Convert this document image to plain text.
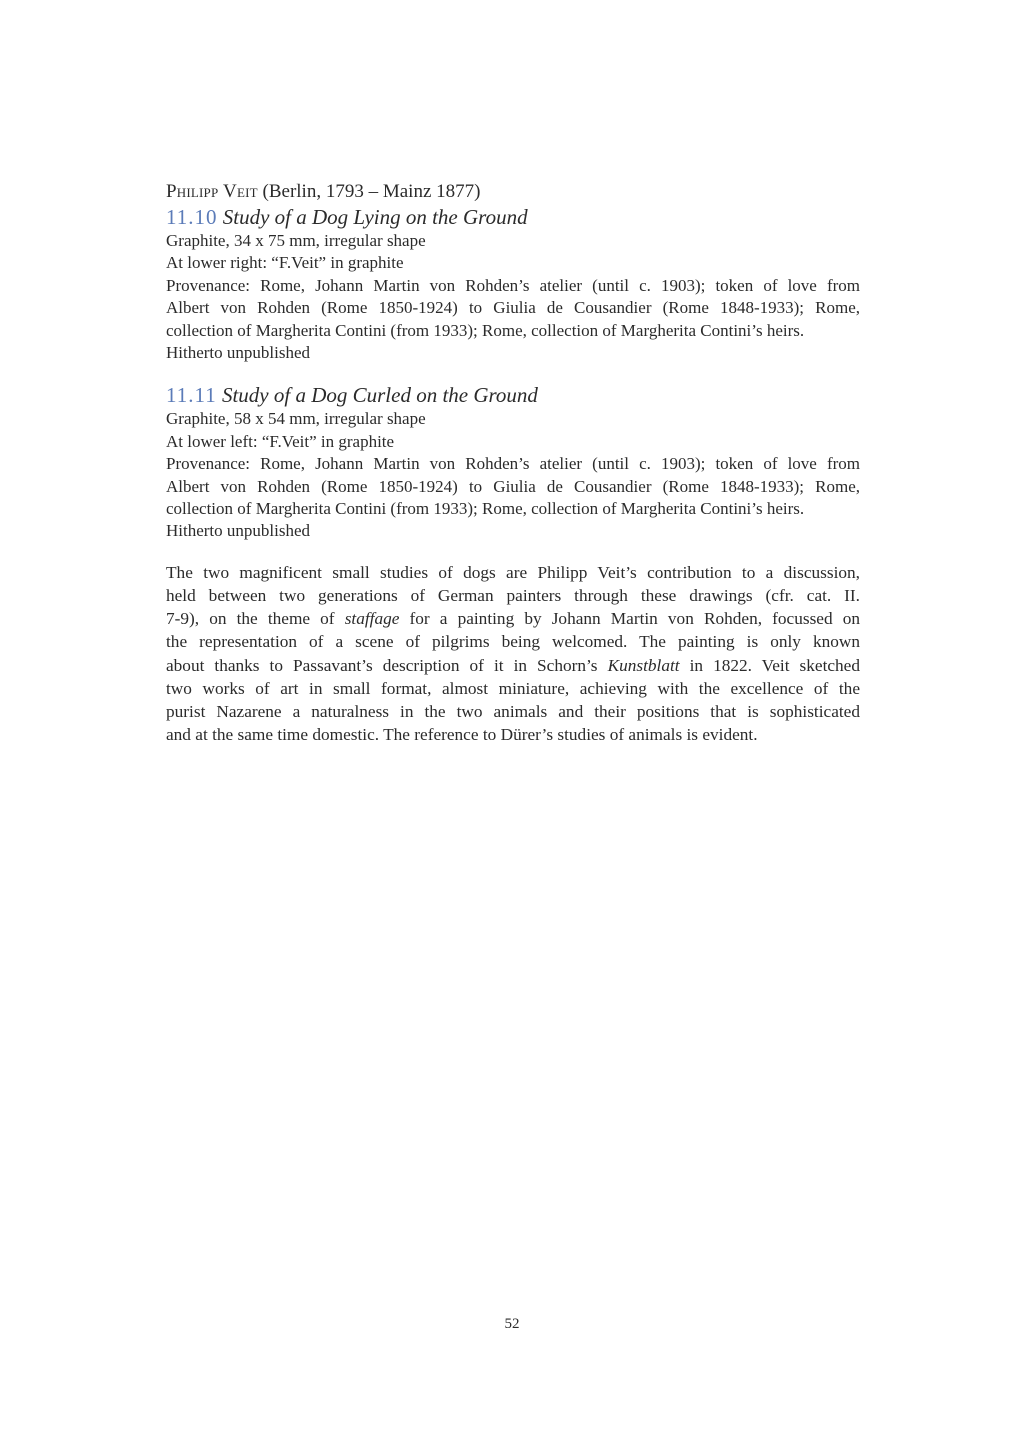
Philipp Veit (Berlin, 1793 – Mainz 1877)
11.10 Study of a Dog Lying on the Ground
Graphite, 34 x 75 mm, irregular shape
At lower right: “F.Veit” in graphite
Provenance: Rome, Johann Martin von Rohden’s atelier (until c. 1903); token of love from
Albert von Rohden (Rome 1850-1924) to Giulia de Cousandier (Rome 1848-1933); Rome,
collection of Margherita Contini (from 1933); Rome, collection of Margherita Contini’s heirs.
Hitherto unpublished
11.11 Study of a Dog Curled on the Ground
Graphite, 58 x 54 mm, irregular shape
At lower left: “F.Veit” in graphite
Provenance: Rome, Johann Martin von Rohden’s atelier (until c. 1903); token of love from
Albert von Rohden (Rome 1850-1924) to Giulia de Cousandier (Rome 1848-1933); Rome,
collection of Margherita Contini (from 1933); Rome, collection of Margherita Contini’s heirs.
Hitherto unpublished
The two magnificent small studies of dogs are Philipp Veit’s contribution to a discussion,
held between two generations of German painters through these drawings (cfr. cat. II.
7-9), on the theme of staffage for a painting by Johann Martin von Rohden, focussed on
the representation of a scene of pilgrims being welcomed. The painting is only known
about thanks to Passavant’s description of it in Schorn’s Kunstblatt in 1822. Veit sketched
two works of art in small format, almost miniature, achieving with the excellence of the
purist Nazarene a naturalness in the two animals and their positions that is sophisticated
and at the same time domestic. The reference to Dürer’s studies of animals is evident.
52
